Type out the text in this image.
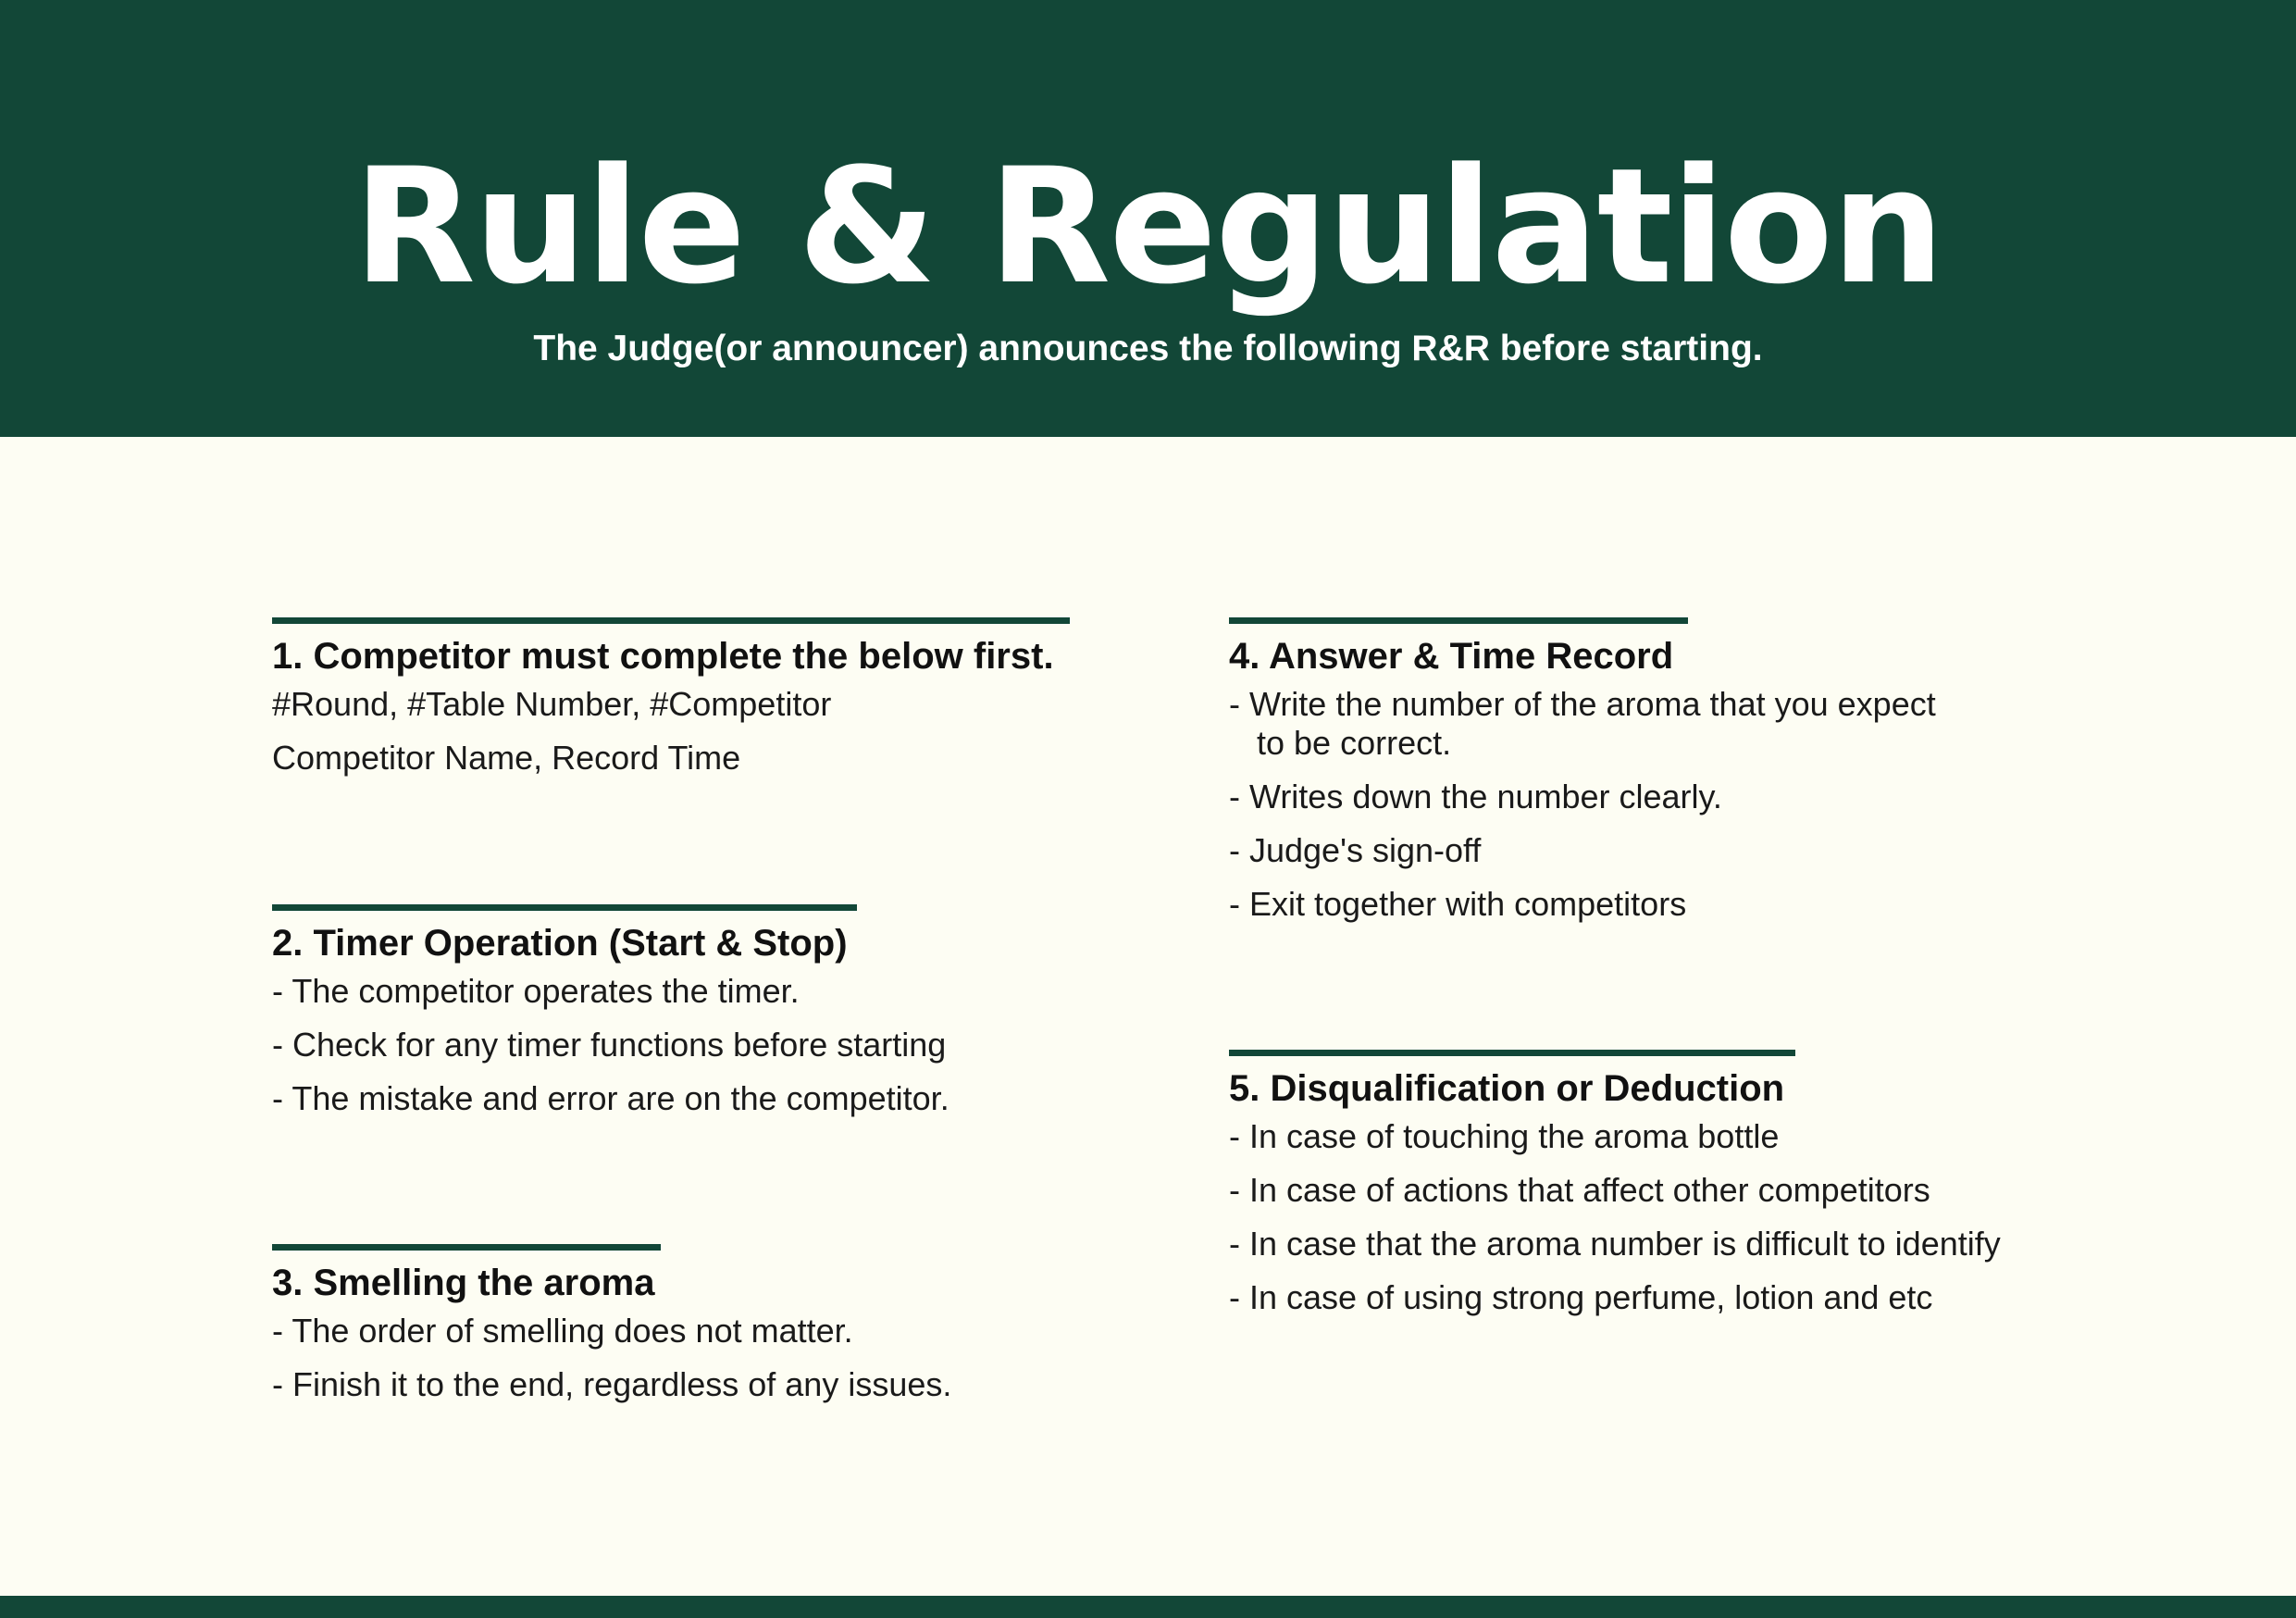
Rule & Regulation
The Judge(or announcer) announces the following R&R before starting.
1. Competitor must complete the below first.
#Round, #Table Number, #Competitor
Competitor Name, Record Time
2. Timer Operation (Start & Stop)
- The competitor operates the timer.
- Check for any timer functions before starting
- The mistake and error are on the competitor.
3. Smelling the aroma
- The order of smelling does not matter.
- Finish it to the end, regardless of any issues.
4. Answer & Time Record
- Write the number of the aroma that you expect
to be correct.
- Writes down the number clearly.
- Judge's sign-off
- Exit together with competitors
5. Disqualification or Deduction
- In case of touching the aroma bottle
- In case of actions that affect other competitors
- In case that the aroma number is difficult to identify
- In case of using strong perfume, lotion and etc
